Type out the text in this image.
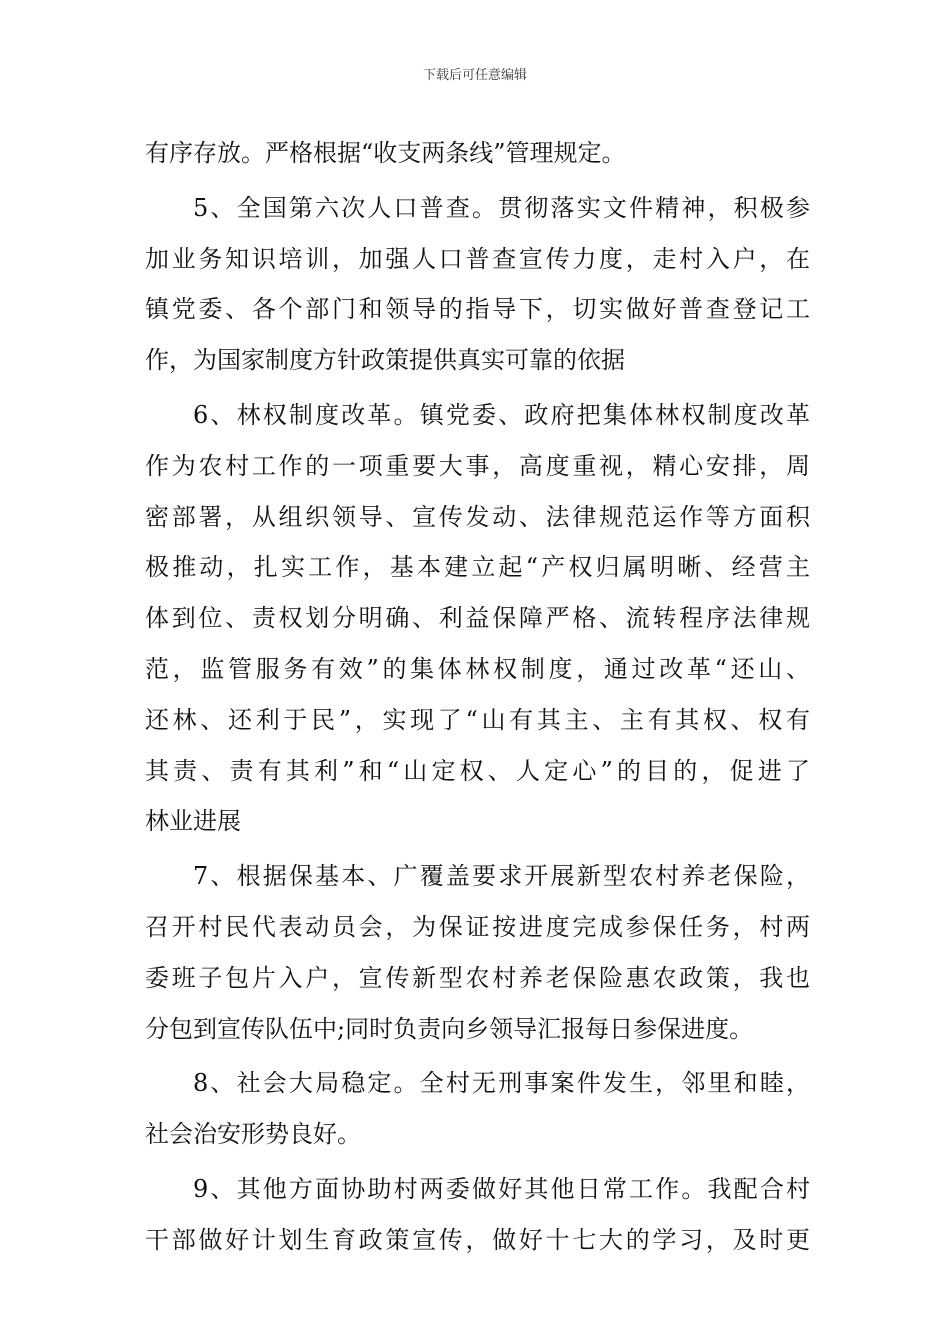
下载后可任意编辑
有序存放。严格根据“收支两条线”管理规定。
5、全国第六次人口普查。贯彻落实文件精神，积极参
加业务知识培训，加强人口普查宣传力度，走村入户，在
镇党委、各个部门和领导的指导下，切实做好普查登记工
作，为国家制度方针政策提供真实可靠的依据
6、林权制度改革。镇党委、政府把集体林权制度改革
作为农村工作的一项重要大事，高度重视，精心安排，周
密部署，从组织领导、宣传发动、法律规范运作等方面积
极推动，扎实工作，基本建立起“产权归属明晰、经营主
体到位、责权划分明确、利益保障严格、流转程序法律规
范，监管服务有效”的集体林权制度，通过改革“还山、
还林、还利于民”，实现了“山有其主、主有其权、权有
其责、责有其利”和“山定权、人定心”的目的，促进了
林业进展
7、根据保基本、广覆盖要求开展新型农村养老保险，
召开村民代表动员会，为保证按进度完成参保任务，村两
委班子包片入户，宣传新型农村养老保险惠农政策，我也
分包到宣传队伍中;同时负责向乡领导汇报每日参保进度。
8、社会大局稳定。全村无刑事案件发生，邻里和睦，
社会治安形势良好。
9、其他方面协助村两委做好其他日常工作。我配合村
干部做好计划生育政策宣传，做好十七大的学习，及时更
